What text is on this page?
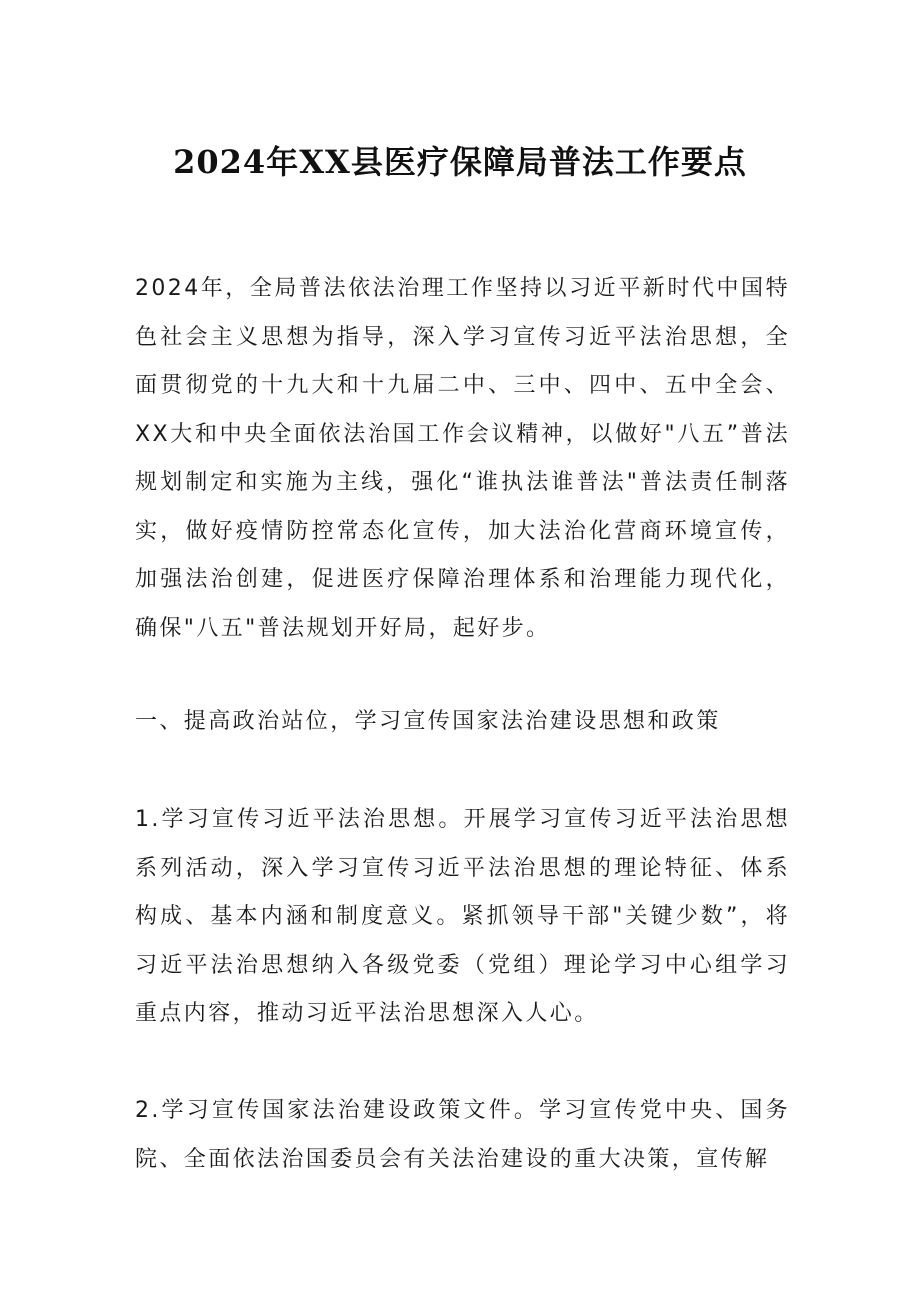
2024年XX县医疗保障局普法工作要点

2024年，全局普法依法治理工作坚持以习近平新时代中国特色社会主义思想为指导，深入学习宣传习近平法治思想，全面贯彻党的十九大和十九届二中、三中、四中、五中全会、XX大和中央全面依法治国工作会议精神，以做好"八五”普法规划制定和实施为主线，强化“谁执法谁普法"普法责任制落实，做好疫情防控常态化宣传，加大法治化营商环境宣传，加强法治创建，促进医疗保障治理体系和治理能力现代化，确保"八五"普法规划开好局，起好步。

一、提高政治站位，学习宣传国家法治建设思想和政策

1.学习宣传习近平法治思想。开展学习宣传习近平法治思想系列活动，深入学习宣传习近平法治思想的理论特征、体系构成、基本内涵和制度意义。紧抓领导干部"关键少数”，将习近平法治思想纳入各级党委（党组）理论学习中心组学习重点内容，推动习近平法治思想深入人心。

2.学习宣传国家法治建设政策文件。学习宣传党中央、国务院、全面依法治国委员会有关法治建设的重大决策，宣传解
